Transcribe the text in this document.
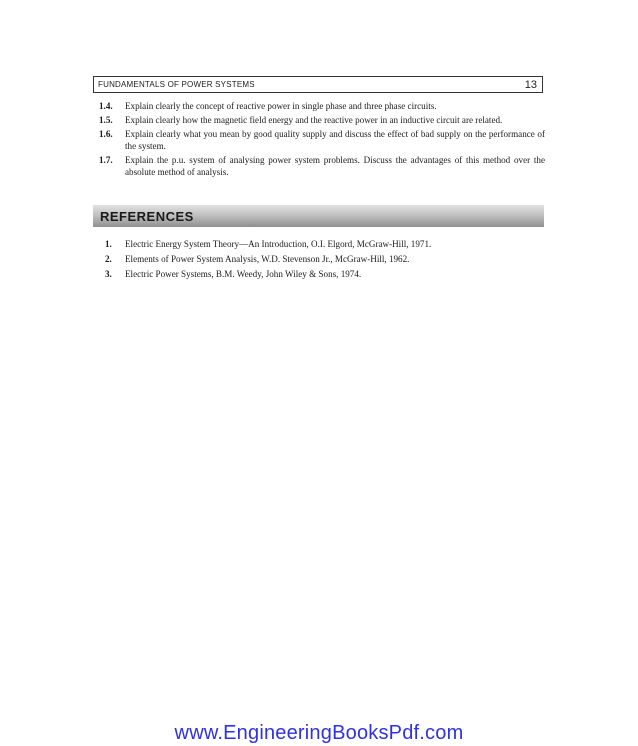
FUNDAMENTALS OF POWER SYSTEMS	13
1.4.	Explain clearly the concept of reactive power in single phase and three phase circuits.
1.5.	Explain clearly how the magnetic field energy and the reactive power in an inductive circuit are related.
1.6.	Explain clearly what you mean by good quality supply and discuss the effect of bad supply on the performance of the system.
1.7.	Explain the p.u. system of analysing power system problems. Discuss the advantages of this method over the absolute method of analysis.
REFERENCES
1.	Electric Energy System Theory—An Introduction, O.I. Elgord, McGraw-Hill, 1971.
2.	Elements of Power System Analysis, W.D. Stevenson Jr., McGraw-Hill, 1962.
3.	Electric Power Systems, B.M. Weedy, John Wiley & Sons, 1974.
www.EngineeringBooksPdf.com
